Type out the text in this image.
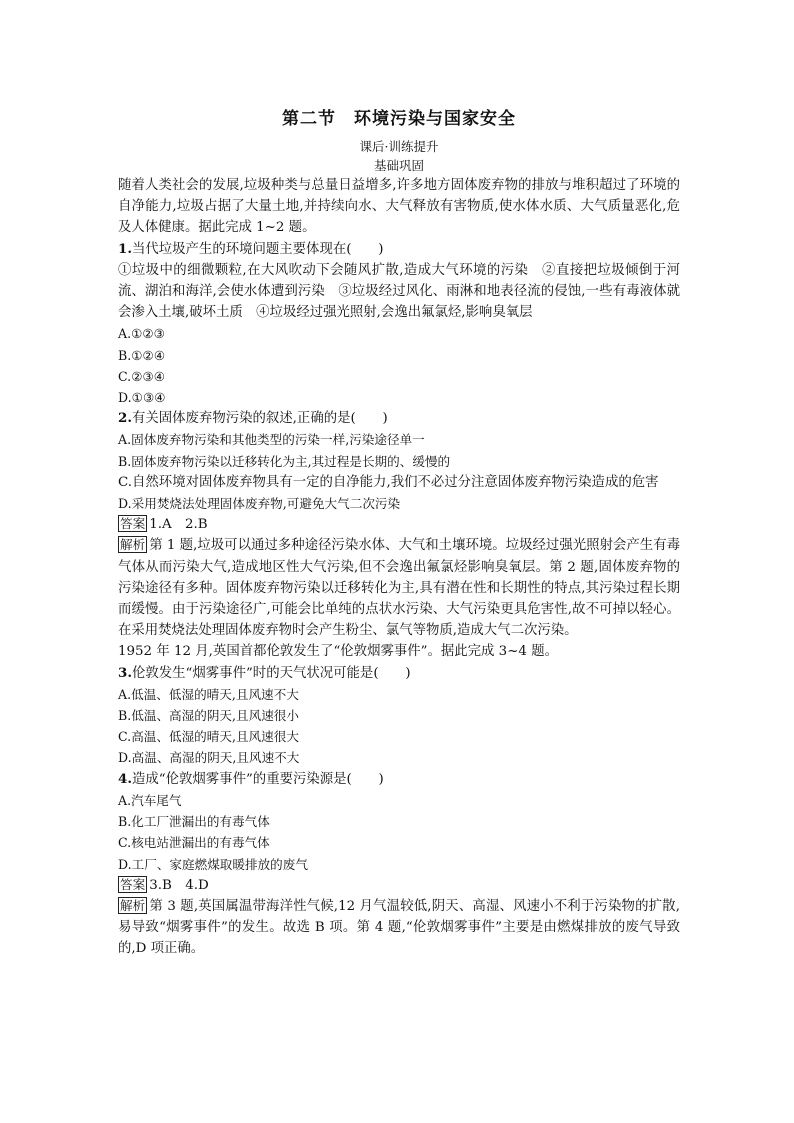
第二节　环境污染与国家安全

课后·训练提升

基础巩固

随着人类社会的发展,垃圾种类与总量日益增多,许多地方固体废弃物的排放与堆积超过了环境的自净能力,垃圾占据了大量土地,并持续向水、大气释放有害物质,使水体水质、大气质量恶化,危及人体健康。据此完成 1~2 题。

1.当代垃圾产生的环境问题主要体现在(　　)

①垃圾中的细微颗粒,在大风吹动下会随风扩散,造成大气环境的污染　②直接把垃圾倾倒于河流、湖泊和海洋,会使水体遭到污染　③垃圾经过风化、雨淋和地表径流的侵蚀,一些有毒液体就会渗入土壤,破坏土质　④垃圾经过强光照射,会逸出氟氯烃,影响臭氧层

A.①②③

B.①②④

C.②③④

D.①③④

2.有关固体废弃物污染的叙述,正确的是(　　)

A.固体废弃物污染和其他类型的污染一样,污染途径单一

B.固体废弃物污染以迁移转化为主,其过程是长期的、缓慢的

C.自然环境对固体废弃物具有一定的自净能力,我们不必过分注意固体废弃物污染造成的危害

D.采用焚烧法处理固体废弃物,可避免大气二次污染

答案 1.A　2.B

解析 第 1 题,垃圾可以通过多种途径污染水体、大气和土壤环境。垃圾经过强光照射会产生有毒气体从而污染大气,造成地区性大气污染,但不会逸出氟氯烃影响臭氧层。第 2 题,固体废弃物的污染途径有多种。固体废弃物污染以迁移转化为主,具有潜在性和长期性的特点,其污染过程长期而缓慢。由于污染途径广,可能会比单纯的点状水污染、大气污染更具危害性,故不可掉以轻心。在采用焚烧法处理固体废弃物时会产生粉尘、氯气等物质,造成大气二次污染。

1952 年 12 月,英国首都伦敦发生了“伦敦烟雾事件”。据此完成 3~4 题。

3.伦敦发生“烟雾事件”时的天气状况可能是(　　)

A.低温、低湿的晴天,且风速不大

B.低温、高湿的阴天,且风速很小

C.高温、低湿的晴天,且风速很大

D.高温、高湿的阴天,且风速不大

4.造成“伦敦烟雾事件”的重要污染源是(　　)

A.汽车尾气

B.化工厂泄漏出的有毒气体

C.核电站泄漏出的有毒气体

D.工厂、家庭燃煤取暖排放的废气

答案 3.B　4.D

解析 第 3 题,英国属温带海洋性气候,12 月气温较低,阴天、高湿、风速小不利于污染物的扩散,易导致“烟雾事件”的发生。故选 B 项。第 4 题,“伦敦烟雾事件”主要是由燃煤排放的废气导致的,D 项正确。
